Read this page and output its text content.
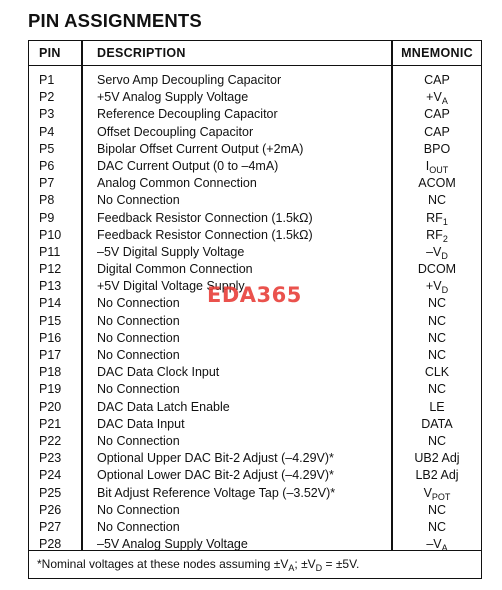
PIN ASSIGNMENTS
PIN	DESCRIPTION	MNEMONIC
P1	Servo Amp Decoupling Capacitor	CAP
P2	+5V Analog Supply Voltage	$+V_A$
P3	Reference Decoupling Capacitor	CAP
P4	Offset Decoupling Capacitor	CAP
P5	Bipolar Offset Current Output (+2mA)	BPO
P6	DAC Current Output (0 to –4mA)	$I_{OUT}$
P7	Analog Common Connection	ACOM
P8	No Connection	NC
P9	Feedback Resistor Connection (1.5kΩ)	$RF_1$
P10	Feedback Resistor Connection (1.5kΩ)	$RF_2$
P11	–5V Digital Supply Voltage	$-V_D$
P12	Digital Common Connection	DCOM
P13	+5V Digital Voltage Supply	$+V_D$
P14	No Connection	NC
P15	No Connection	NC
P16	No Connection	NC
P17	No Connection	NC
P18	DAC Data Clock Input	CLK
P19	No Connection	NC
P20	DAC Data Latch Enable	LE
P21	DAC Data Input	DATA
P22	No Connection	NC
P23	Optional Upper DAC Bit-2 Adjust (–4.29V)*	UB2 Adj
P24	Optional Lower DAC Bit-2 Adjust (–4.29V)*	LB2 Adj
P25	Bit Adjust Reference Voltage Tap (–3.52V)*	$V_{POT}$
P26	No Connection	NC
P27	No Connection	NC
P28	–5V Analog Supply Voltage	$-V_A$
*Nominal voltages at these nodes assuming $\pm V_A$; $\pm V_D = \pm 5V$.
EDA365
